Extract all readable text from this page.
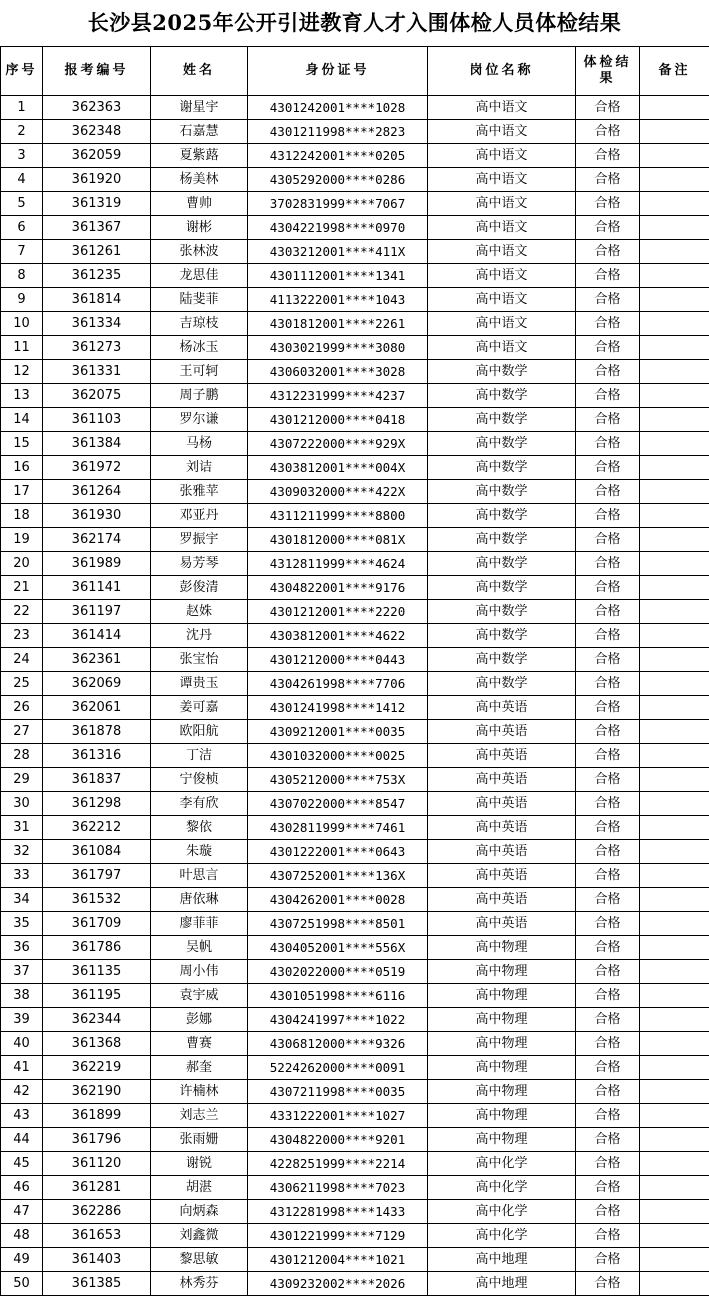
长沙县2025年公开引进教育人才入围体检人员体检结果
序号	报考编号	姓名	身份证号	岗位名称	体检结果	备注
1	362363	谢星宇	4301242001****1028	高中语文	合格	
2	362348	石嘉慧	4301211998****2823	高中语文	合格	
3	362059	夏紫蕗	4312242001****0205	高中语文	合格	
4	361920	杨美林	4305292000****0286	高中语文	合格	
5	361319	曹帅	3702831999****7067	高中语文	合格	
6	361367	谢彬	4304221998****0970	高中语文	合格	
7	361261	张林波	4303212001****411X	高中语文	合格	
8	361235	龙思佳	4301112001****1341	高中语文	合格	
9	361814	陆斐菲	4113222001****1043	高中语文	合格	
10	361334	吉琼枝	4301812001****2261	高中语文	合格	
11	361273	杨冰玉	4303021999****3080	高中语文	合格	
12	361331	王可轲	4306032001****3028	高中数学	合格	
13	362075	周子鹏	4312231999****4237	高中数学	合格	
14	361103	罗尔谦	4301212000****0418	高中数学	合格	
15	361384	马杨	4307222000****929X	高中数学	合格	
16	361972	刘诘	4303812001****004X	高中数学	合格	
17	361264	张雅苹	4309032000****422X	高中数学	合格	
18	361930	邓亚丹	4311211999****8800	高中数学	合格	
19	362174	罗振宇	4301812000****081X	高中数学	合格	
20	361989	易芳琴	4312811999****4624	高中数学	合格	
21	361141	彭俊清	4304822001****9176	高中数学	合格	
22	361197	赵姝	4301212001****2220	高中数学	合格	
23	361414	沈丹	4303812001****4622	高中数学	合格	
24	362361	张宝怡	4301212000****0443	高中数学	合格	
25	362069	谭贵玉	4304261998****7706	高中数学	合格	
26	362061	姜可嘉	4301241998****1412	高中英语	合格	
27	361878	欧阳航	4309212001****0035	高中英语	合格	
28	361316	丁洁	4301032000****0025	高中英语	合格	
29	361837	宁俊桢	4305212000****753X	高中英语	合格	
30	361298	李有欣	4307022000****8547	高中英语	合格	
31	362212	黎依	4302811999****7461	高中英语	合格	
32	361084	朱璇	4301222001****0643	高中英语	合格	
33	361797	叶思言	4307252001****136X	高中英语	合格	
34	361532	唐依琳	4304262001****0028	高中英语	合格	
35	361709	廖菲菲	4307251998****8501	高中英语	合格	
36	361786	吴帆	4304052001****556X	高中物理	合格	
37	361135	周小伟	4302022000****0519	高中物理	合格	
38	361195	袁宇威	4301051998****6116	高中物理	合格	
39	362344	彭娜	4304241997****1022	高中物理	合格	
40	361368	曹赛	4306812000****9326	高中物理	合格	
41	362219	郝奎	5224262000****0091	高中物理	合格	
42	362190	许楠林	4307211998****0035	高中物理	合格	
43	361899	刘志兰	4331222001****1027	高中物理	合格	
44	361796	张雨姗	4304822000****9201	高中物理	合格	
45	361120	谢锐	4228251999****2214	高中化学	合格	
46	361281	胡湛	4306211998****7023	高中化学	合格	
47	362286	向炳森	4312281998****1433	高中化学	合格	
48	361653	刘鑫微	4301221999****7129	高中化学	合格	
49	361403	黎思敏	4301212004****1021	高中地理	合格	
50	361385	林秀芬	4309232002****2026	高中地理	合格	
